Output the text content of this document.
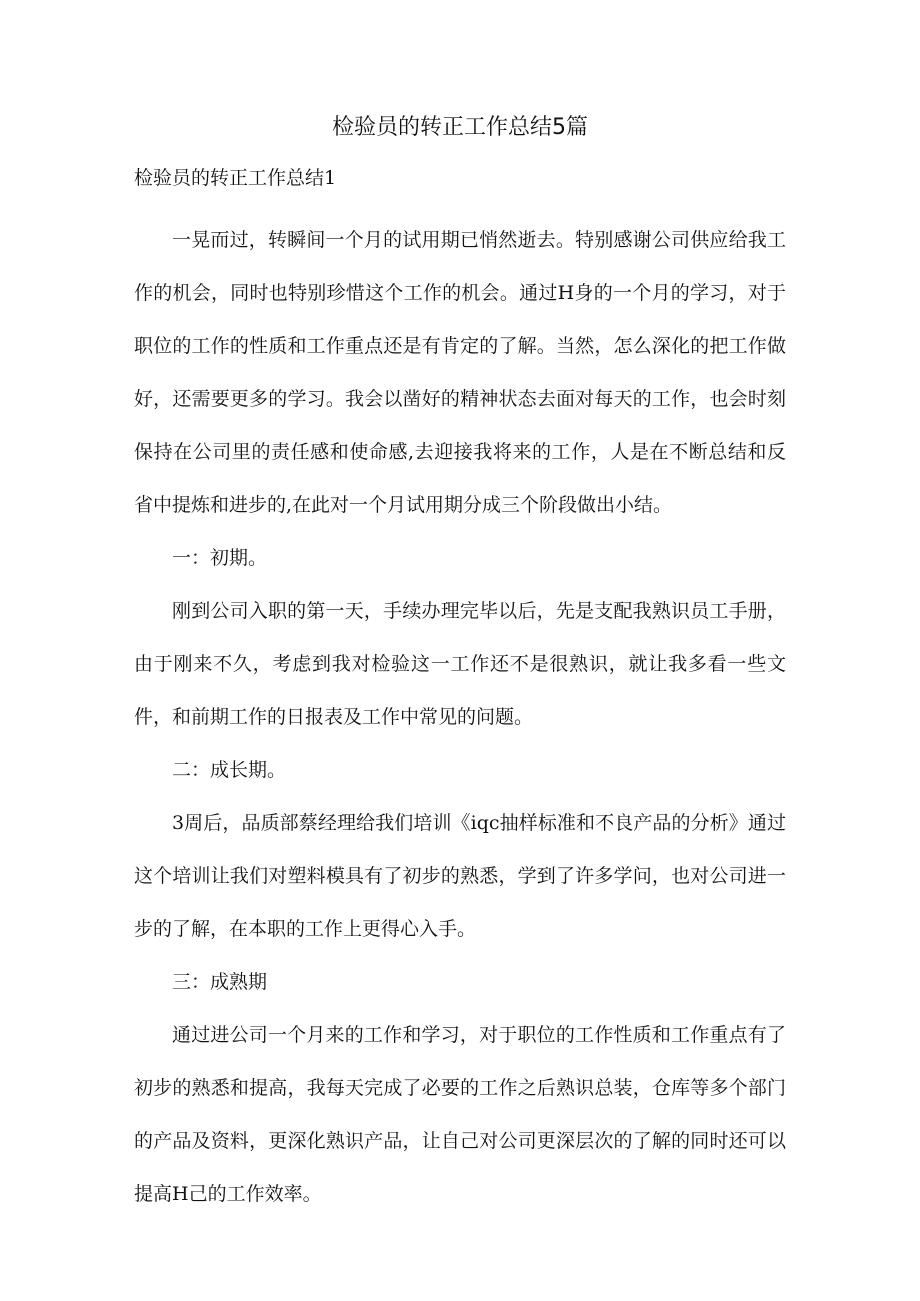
检验员的转正工作总结5篇
检验员的转正工作总结1

一晃而过，转瞬间一个月的试用期已悄然逝去。特别感谢公司供应给我工作的机会，同时也特别珍惜这个工作的机会。通过H身的一个月的学习，对于职位的工作的性质和工作重点还是有肯定的了解。当然，怎么深化的把工作做好，还需要更多的学习。我会以凿好的精神状态去面对每天的工作，也会时刻保持在公司里的责任感和使命感,去迎接我将来的工作，人是在不断总结和反省中提炼和进步的,在此对一个月试用期分成三个阶段做出小结。

一：初期。

刚到公司入职的第一天，手续办理完毕以后，先是支配我熟识员工手册，由于刚来不久，考虑到我对检验这一工作还不是很熟识，就让我多看一些文件，和前期工作的日报表及工作中常见的问题。

二：成长期。

3周后，品质部蔡经理给我们培训《iqc抽样标准和不良产品的分析》通过这个培训让我们对塑料模具有了初步的熟悉，学到了许多学问，也对公司进一步的了解，在本职的工作上更得心入手。

三：成熟期

通过进公司一个月来的工作和学习，对于职位的工作性质和工作重点有了初步的熟悉和提高，我每天完成了必要的工作之后熟识总装，仓库等多个部门的产品及资料，更深化熟识产品，让自己对公司更深层次的了解的同时还可以提高H己的工作效率。
